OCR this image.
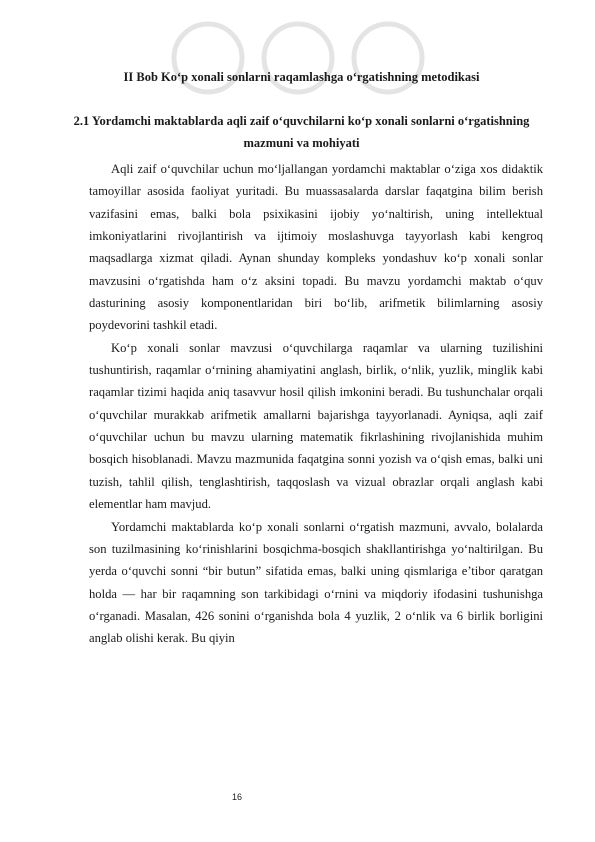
II Bob Ko‘p xonali sonlarni raqamlashga o‘rgatishning metodikasi
2.1 Yordamchi maktablarda aqli zaif o‘quvchilarni ko‘p xonali sonlarni o‘rgatishning mazmuni va mohiyati

Aqli zaif o‘quvchilar uchun mo‘ljallangan yordamchi maktablar o‘ziga xos didaktik tamoyillar asosida faoliyat yuritadi. Bu muassasalarda darslar faqatgina bilim berish vazifasini emas, balki bola psixikasini ijobiy yo‘naltirish, uning intellektual imkoniyatlarini rivojlantirish va ijtimoiy moslashuvga tayyorlash kabi kengroq maqsadlarga xizmat qiladi. Aynan shunday kompleks yondashuv ko‘p xonali sonlar mavzusini o‘rgatishda ham o‘z aksini topadi. Bu mavzu yordamchi maktab o‘quv dasturining asosiy komponentlaridan biri bo‘lib, arifmetik bilimlarning asosiy poydevorini tashkil etadi.

Ko‘p xonali sonlar mavzusi o‘quvchilarga raqamlar va ularning tuzilishini tushuntirish, raqamlar o‘rnining ahamiyatini anglash, birlik, o‘nlik, yuzlik, minglik kabi raqamlar tizimi haqida aniq tasavvur hosil qilish imkonini beradi. Bu tushunchalar orqali o‘quvchilar murakkab arifmetik amallarni bajarishga tayyorlanadi. Ayniqsa, aqli zaif o‘quvchilar uchun bu mavzu ularning matematik fikrlashining rivojlanishida muhim bosqich hisoblanadi. Mavzu mazmunida faqatgina sonni yozish va o‘qish emas, balki uni tuzish, tahlil qilish, tenglashtirish, taqqoslash va vizual obrazlar orqali anglash kabi elementlar ham mavjud.

Yordamchi maktablarda ko‘p xonali sonlarni o‘rgatish mazmuni, avvalo, bolalarda son tuzilmasining ko‘rinishlarini bosqichma-bosqich shakllantirishga yo‘naltirilgan. Bu yerda o‘quvchi sonni “bir butun” sifatida emas, balki uning qismlariga e’tibor qaratgan holda — har bir raqamning son tarkibidagi o‘rnini va miqdoriy ifodasini tushunishga o‘rganadi. Masalan, 426 sonini o‘rganishda bola 4 yuzlik, 2 o‘nlik va 6 birlik borligini anglab olishi kerak. Bu qiyin

16
